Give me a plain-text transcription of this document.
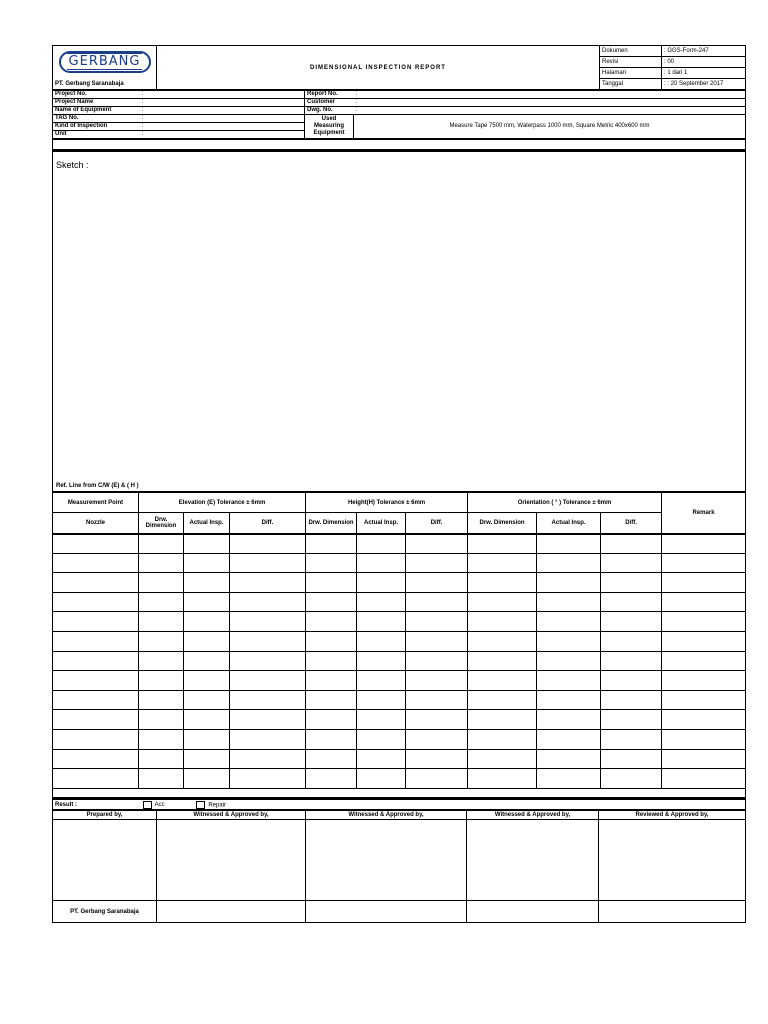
GERBANG	DIMENSIONAL INSPECTION REPORT	Dokumen	: GGS-Form-247
		Revisi	: 00
		Halaman	: 1 dari 1
PT. Gerbang Saranabaja		Tanggal	: : 20 September 2017
Project No.	:	Report No.	:
Project Name	:	Customer	:
Name of Equipment	:	Dwg. No.	:
TAG No.	:	Used Measuring Equipment	Measure Tape 7500 mm, Waterpass 1000 mm, Square Metric 400x600 mm
Kind of Inspection	:		
Unit	:		
Sketch :
Ref. Line from C/W (E) & ( H )
Measurement Point	Elevation (E) Tolerance ± 6mm			Height(H) Tolerance ± 6mm			Orientation ( ° ) Tolerance ± 6mm			Remark
Nozzle	Drw. Dimension	Actual Insp.	Diff.	Drw. Dimension	Actual Insp.	Diff.	Drw. Dimension	Actual Insp.	Diff.	

Result :	Acc	Repair
Prepared by,	Witnessed & Approved by,	Witnessed & Approved by,	Witnessed & Approved by,	Reviewed & Approved by,

PT. Gerbang Saranabaja				
